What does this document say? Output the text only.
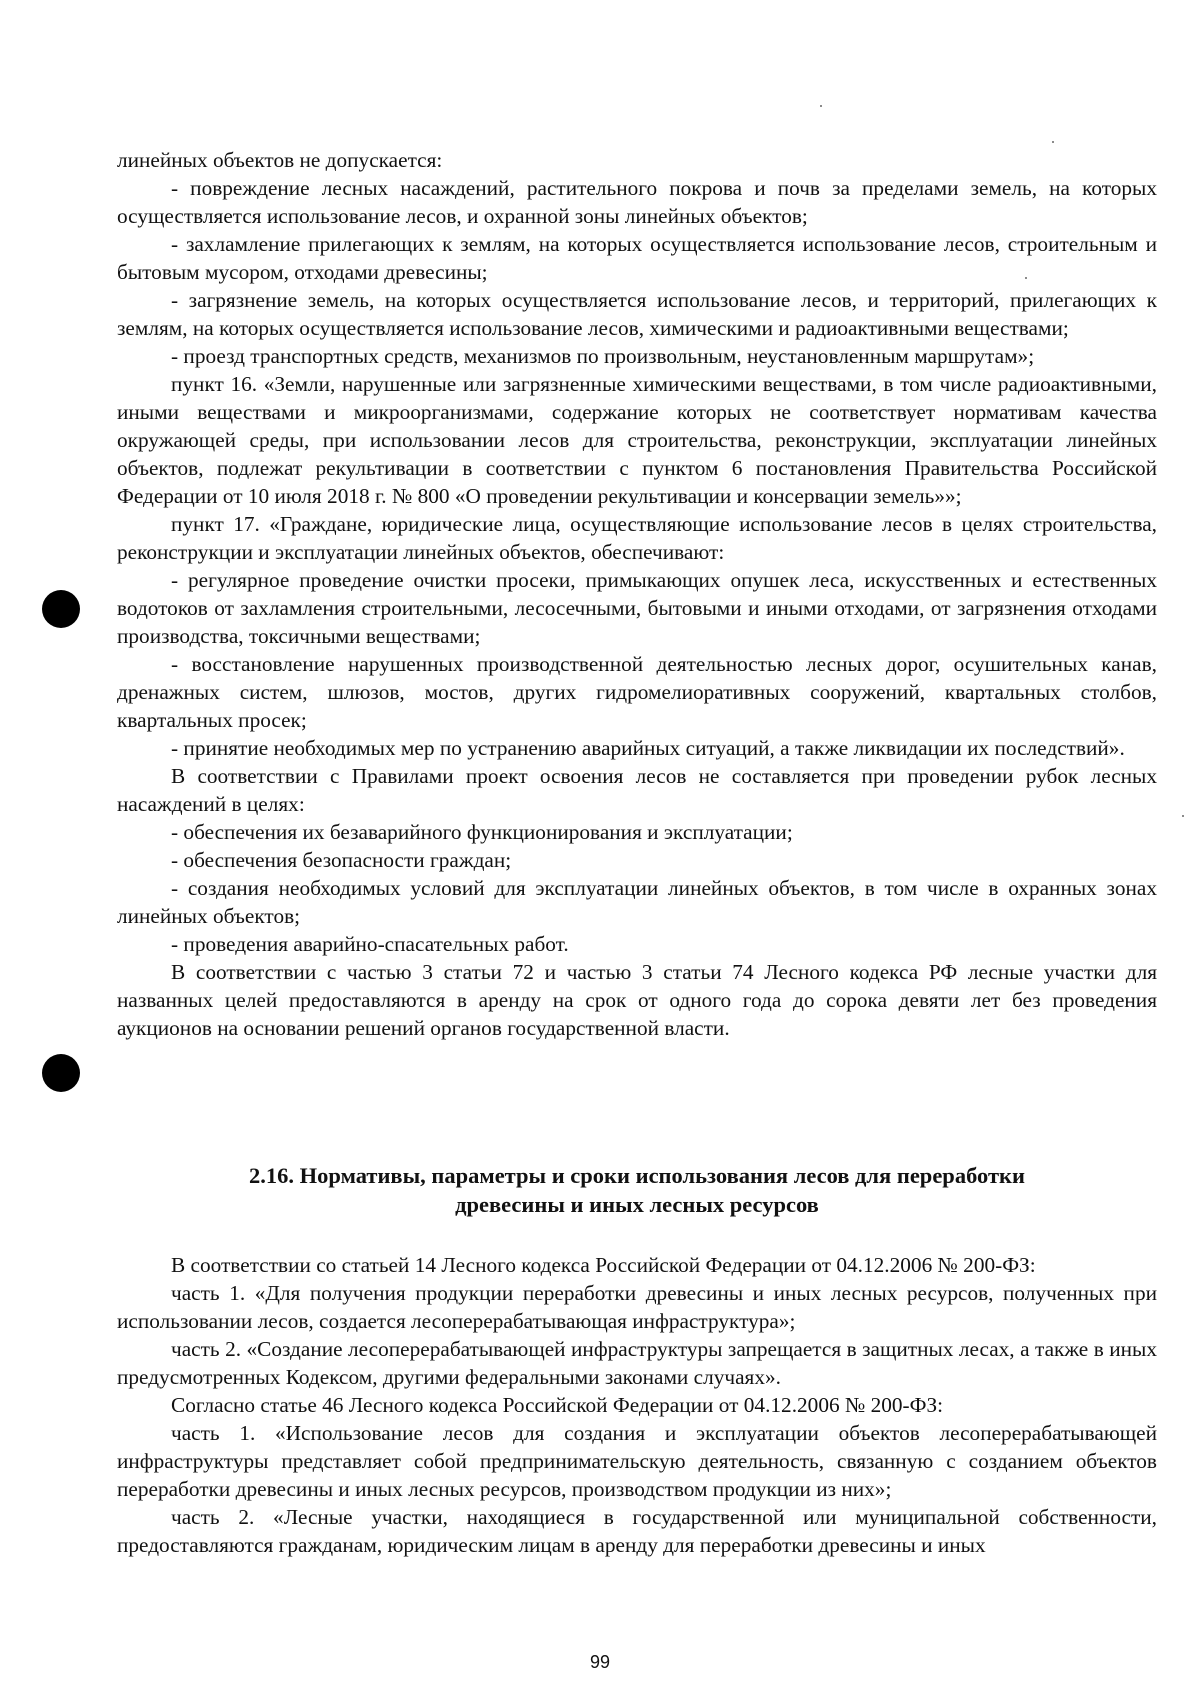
линейных объектов не допускается:

- повреждение лесных насаждений, растительного покрова и почв за пределами земель, на которых осуществляется использование лесов, и охранной зоны линейных объектов;

- захламление прилегающих к землям, на которых осуществляется использование лесов, строительным и бытовым мусором, отходами древесины;

- загрязнение земель, на которых осуществляется использование лесов, и территорий, прилегающих к землям, на которых осуществляется использование лесов, химическими и радиоактивными веществами;

- проезд транспортных средств, механизмов по произвольным, неустановленным маршрутам»;

пункт 16. «Земли, нарушенные или загрязненные химическими веществами, в том числе радиоактивными, иными веществами и микроорганизмами, содержание которых не соответствует нормативам качества окружающей среды, при использовании лесов для строительства, реконструкции, эксплуатации линейных объектов, подлежат рекультивации в соответствии с пунктом 6 постановления Правительства Российской Федерации от 10 июля 2018 г. № 800 «О проведении рекультивации и консервации земель»»;

пункт 17. «Граждане, юридические лица, осуществляющие использование лесов в целях строительства, реконструкции и эксплуатации линейных объектов, обеспечивают:

- регулярное проведение очистки просеки, примыкающих опушек леса, искусственных и естественных водотоков от захламления строительными, лесосечными, бытовыми и иными отходами, от загрязнения отходами производства, токсичными веществами;

- восстановление нарушенных производственной деятельностью лесных дорог, осушительных канав, дренажных систем, шлюзов, мостов, других гидромелиоративных сооружений, квартальных столбов, квартальных просек;

- принятие необходимых мер по устранению аварийных ситуаций, а также ликвидации их последствий».

В соответствии с Правилами проект освоения лесов не составляется при проведении рубок лесных насаждений в целях:

- обеспечения их безаварийного функционирования и эксплуатации;

- обеспечения безопасности граждан;

- создания необходимых условий для эксплуатации линейных объектов, в том числе в охранных зонах линейных объектов;

- проведения аварийно-спасательных работ.

В соответствии с частью 3 статьи 72 и частью 3 статьи 74 Лесного кодекса РФ лесные участки для названных целей предоставляются в аренду на срок от одного года до сорока девяти лет без проведения аукционов на основании решений органов государственной власти.

2.16. Нормативы, параметры и сроки использования лесов для переработки
древесины и иных лесных ресурсов

В соответствии со статьей 14 Лесного кодекса Российской Федерации от 04.12.2006 № 200-ФЗ:

часть 1. «Для получения продукции переработки древесины и иных лесных ресурсов, полученных при использовании лесов, создается лесоперерабатывающая инфраструктура»;

часть 2. «Создание лесоперерабатывающей инфраструктуры запрещается в защитных лесах, а также в иных предусмотренных Кодексом, другими федеральными законами случаях».

Согласно статье 46 Лесного кодекса Российской Федерации от 04.12.2006 № 200-ФЗ:

часть 1. «Использование лесов для создания и эксплуатации объектов лесоперерабатывающей инфраструктуры представляет собой предпринимательскую деятельность, связанную с созданием объектов переработки древесины и иных лесных ресурсов, производством продукции из них»;

часть 2. «Лесные участки, находящиеся в государственной или муниципальной собственности, предоставляются гражданам, юридическим лицам в аренду для переработки древесины и иных

99
